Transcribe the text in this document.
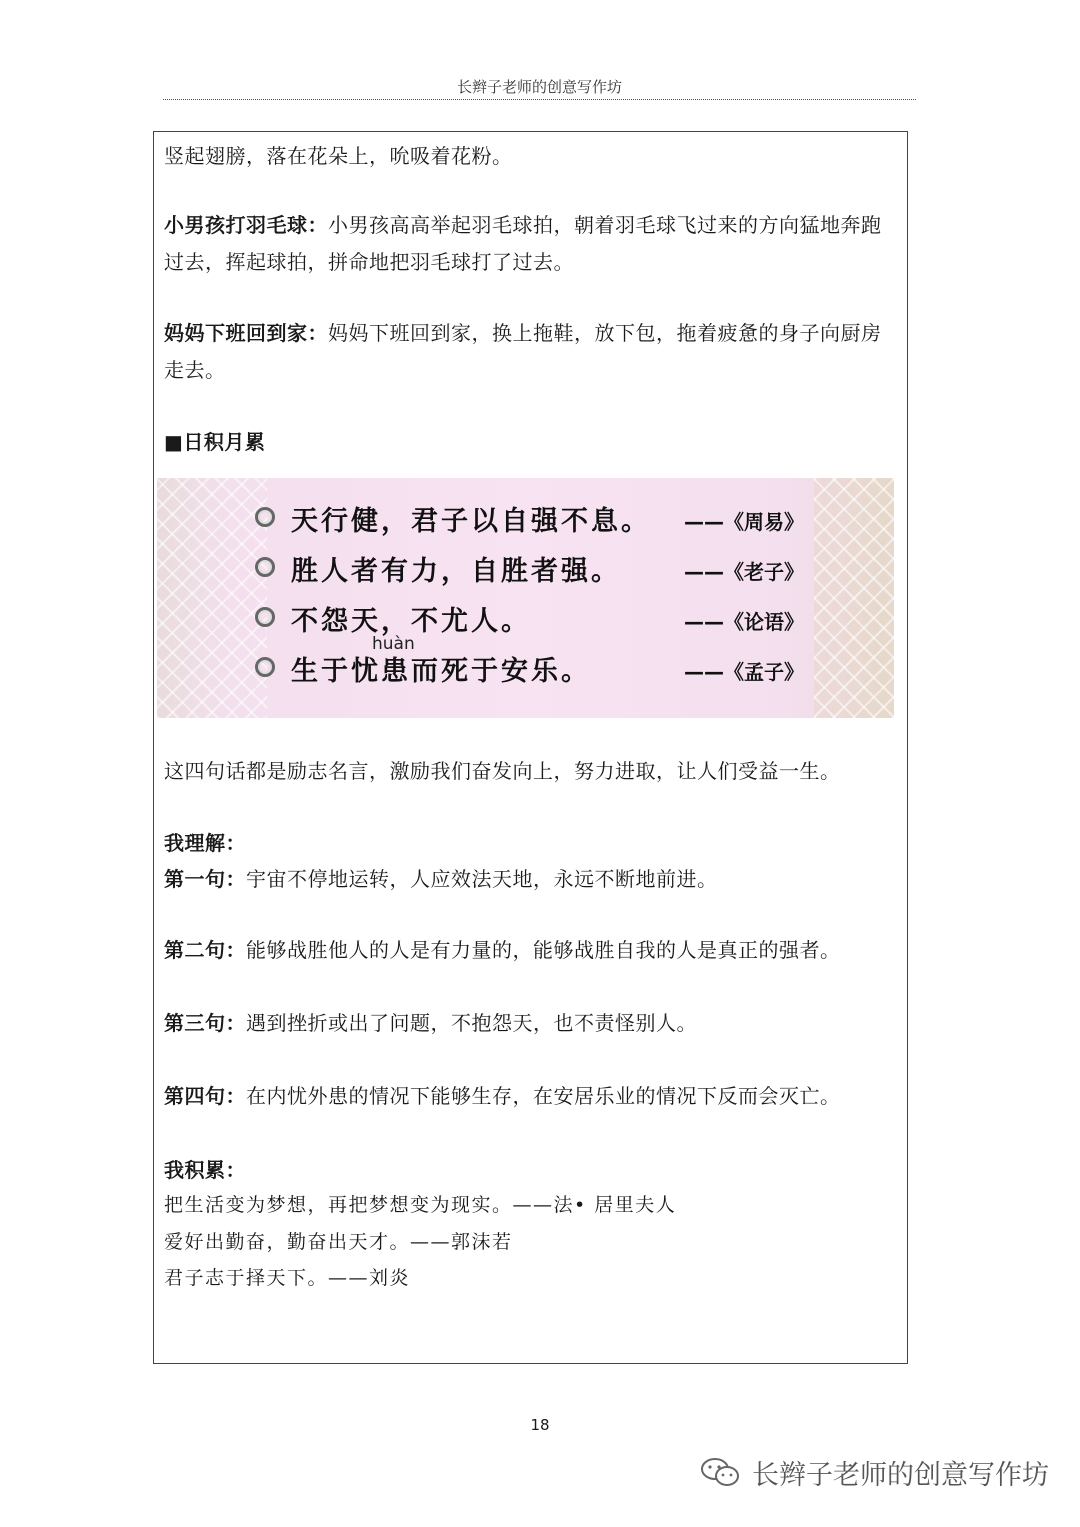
长辫子老师的创意写作坊
竖起翅膀，落在花朵上，吮吸着花粉。
小男孩打羽毛球：小男孩高高举起羽毛球拍，朝着羽毛球飞过来的方向猛地奔跑过去，挥起球拍，拼命地把羽毛球打了过去。
妈妈下班回到家：妈妈下班回到家，换上拖鞋，放下包，拖着疲惫的身子向厨房走去。
■日积月累
天行健，君子以自强不息。	——《周易》
胜人者有力，自胜者强。	——《老子》
不怨天，不尤人。	——《论语》
huàn
生于忧患而死于安乐。	——《孟子》
这四句话都是励志名言，激励我们奋发向上，努力进取，让人们受益一生。
我理解：
第一句：宇宙不停地运转，人应效法天地，永远不断地前进。
第二句：能够战胜他人的人是有力量的，能够战胜自我的人是真正的强者。
第三句：遇到挫折或出了问题，不抱怨天，也不责怪别人。
第四句：在内忧外患的情况下能够生存，在安居乐业的情况下反而会灭亡。
我积累：
把生活变为梦想，再把梦想变为现实。——法• 居里夫人
爱好出勤奋，勤奋出天才。——郭沫若
君子志于择天下。——刘炎
18
长辫子老师的创意写作坊
